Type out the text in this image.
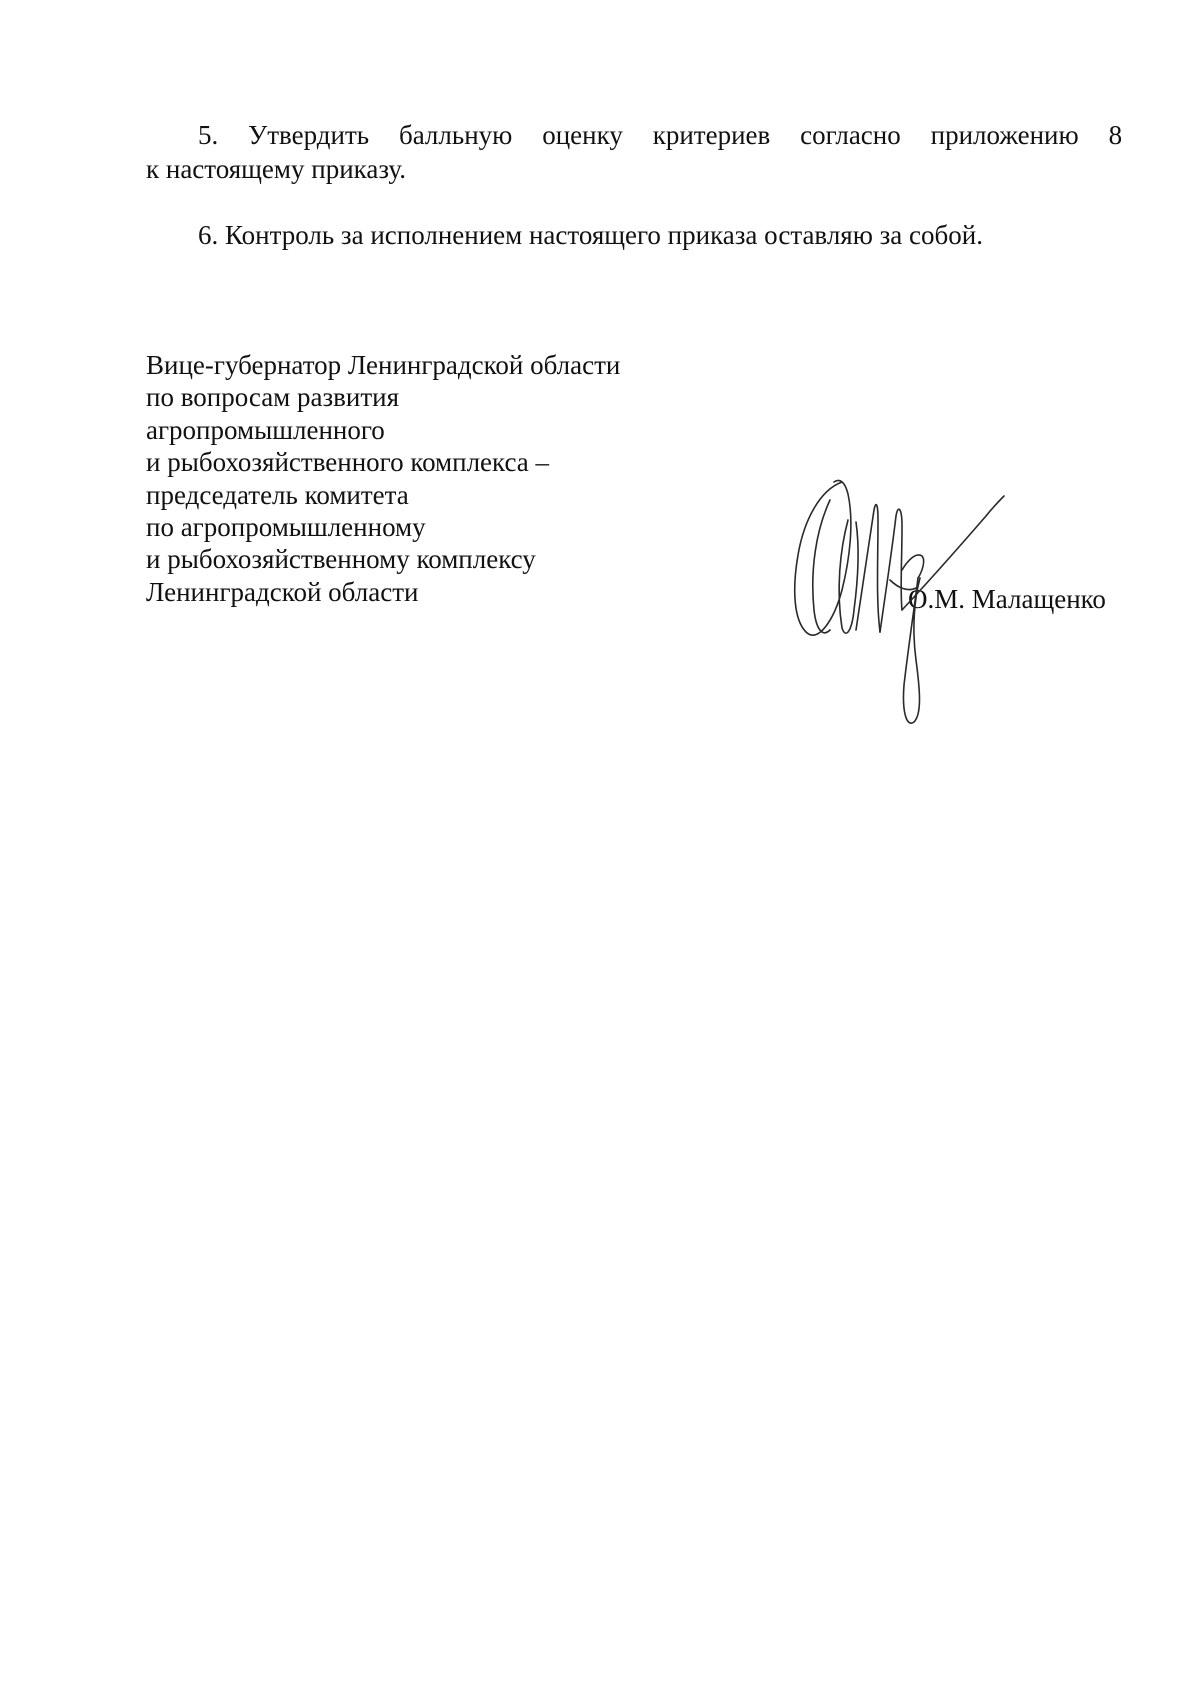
5. Утвердить балльную оценку критериев согласно приложению 8
к настоящему приказу.

6. Контроль за исполнением настоящего приказа оставляю за собой.

Вице-губернатор Ленинградской области
по вопросам развития
агропромышленного
и рыбохозяйственного комплекса –
председатель комитета
по агропромышленному
и рыбохозяйственному комплексу
Ленинградской области	О.М. Малащенко
